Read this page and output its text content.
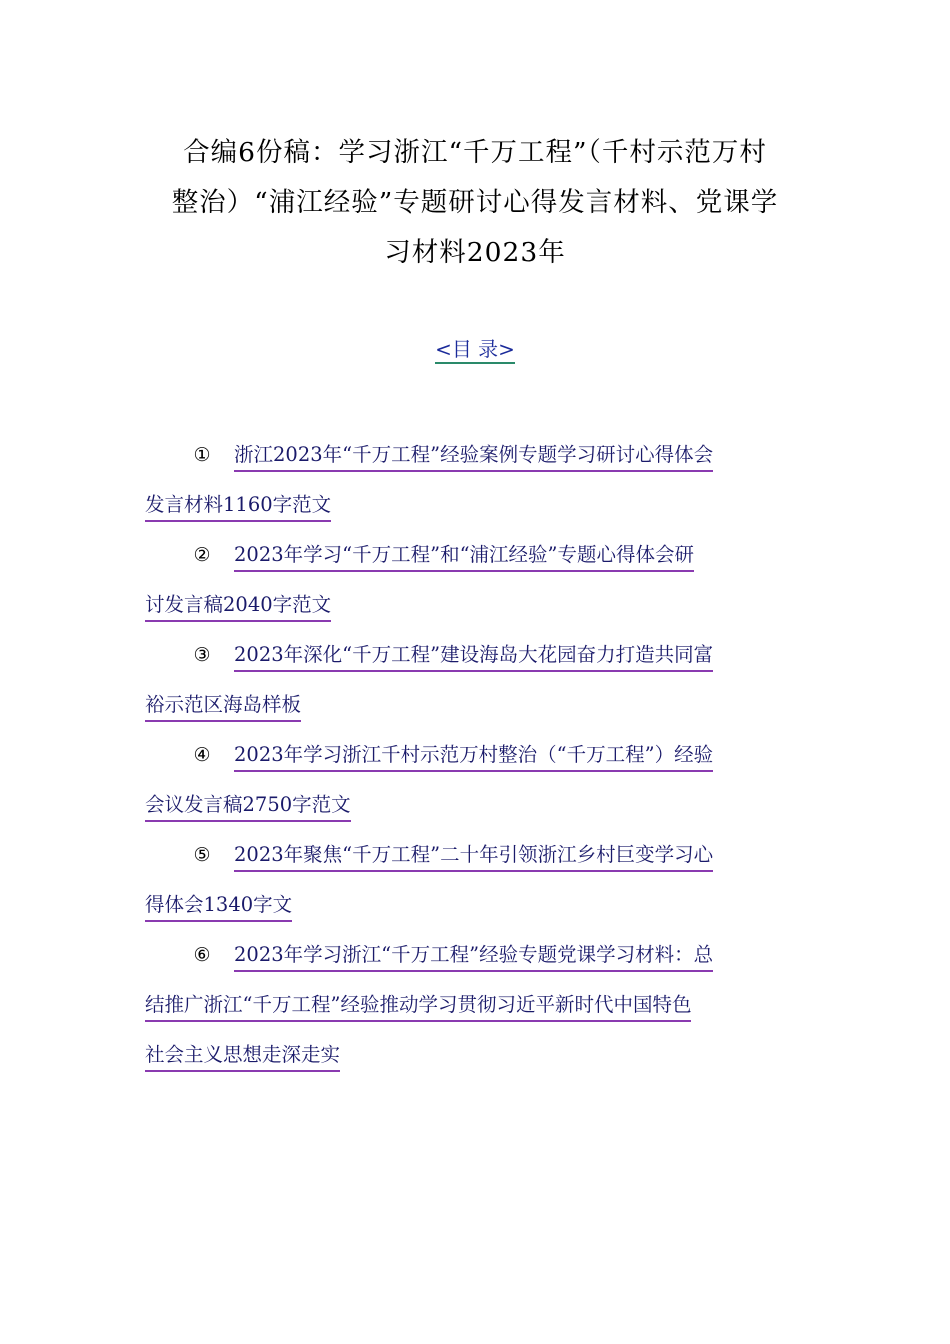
合编6份稿：学习浙江“千万工程”（千村示范万村
整治）“浦江经验”专题研讨心得发言材料、党课学
习材料2023年
<目 录>
① 浙江2023年“千万工程”经验案例专题学习研讨心得体会
发言材料1160字范文
② 2023年学习“千万工程”和“浦江经验”专题心得体会研
讨发言稿2040字范文
③ 2023年深化“千万工程”建设海岛大花园奋力打造共同富
裕示范区海岛样板
④ 2023年学习浙江千村示范万村整治（“千万工程”）经验
会议发言稿2750字范文
⑤ 2023年聚焦“千万工程”二十年引领浙江乡村巨变学习心
得体会1340字文
⑥ 2023年学习浙江“千万工程”经验专题党课学习材料：总
结推广浙江“千万工程”经验推动学习贯彻习近平新时代中国特色
社会主义思想走深走实
